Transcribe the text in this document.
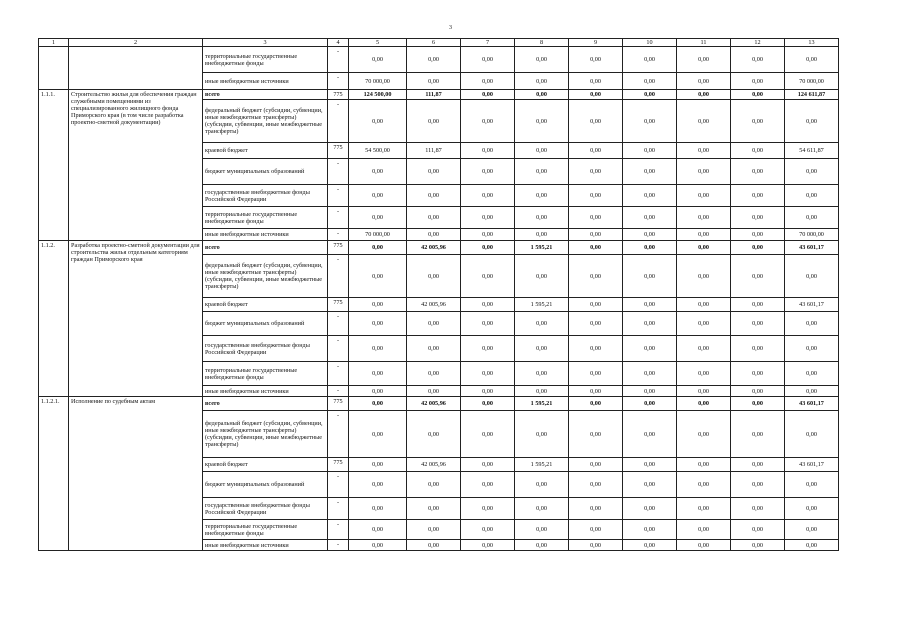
3
1	2	3	4	5	6	7	8	9	10	11	12	13
		территориальные государственные внебюджетные фонды	-	0,00	0,00	0,00	0,00	0,00	0,00	0,00	0,00	0,00
		иные внебюджетные источники	-	70 000,00	0,00	0,00	0,00	0,00	0,00	0,00	0,00	70 000,00
1.1.1.	Строительство жилья для обеспечения граждан служебными помещениями из специализированного жилищного фонда Приморского края (в том числе разработка проектно-сметной документации)	всего	775	124 500,00	111,87	0,00	0,00	0,00	0,00	0,00	0,00	124 611,87
		федеральный бюджет (субсидии, субвенции, иные межбюджетные трансферты) (субсидии, субвенции, иные межбюджетные трансферты)	-	0,00	0,00	0,00	0,00	0,00	0,00	0,00	0,00	0,00
		краевой бюджет	775	54 500,00	111,87	0,00	0,00	0,00	0,00	0,00	0,00	54 611,87
		бюджет муниципальных образований	-	0,00	0,00	0,00	0,00	0,00	0,00	0,00	0,00	0,00
		государственные внебюджетные фонды Российской Федерации	-	0,00	0,00	0,00	0,00	0,00	0,00	0,00	0,00	0,00
		территориальные государственные внебюджетные фонды	-	0,00	0,00	0,00	0,00	0,00	0,00	0,00	0,00	0,00
		иные внебюджетные источники	-	70 000,00	0,00	0,00	0,00	0,00	0,00	0,00	0,00	70 000,00
1.1.2.	Разработка проектно-сметной документации для строительства жилья отдельным категориям граждан Приморского края	всего	775	0,00	42 005,96	0,00	1 595,21	0,00	0,00	0,00	0,00	43 601,17
		федеральный бюджет (субсидии, субвенции, иные межбюджетные трансферты) (субсидии, субвенции, иные межбюджетные трансферты)	-	0,00	0,00	0,00	0,00	0,00	0,00	0,00	0,00	0,00
		краевой бюджет	775	0,00	42 005,96	0,00	1 595,21	0,00	0,00	0,00	0,00	43 601,17
		бюджет муниципальных образований	-	0,00	0,00	0,00	0,00	0,00	0,00	0,00	0,00	0,00
		государственные внебюджетные фонды Российской Федерации	-	0,00	0,00	0,00	0,00	0,00	0,00	0,00	0,00	0,00
		территориальные государственные внебюджетные фонды	-	0,00	0,00	0,00	0,00	0,00	0,00	0,00	0,00	0,00
		иные внебюджетные источники	-	0,00	0,00	0,00	0,00	0,00	0,00	0,00	0,00	0,00
1.1.2.1.	Исполнение по судебным актам	всего	775	0,00	42 005,96	0,00	1 595,21	0,00	0,00	0,00	0,00	43 601,17
		федеральный бюджет (субсидии, субвенции, иные межбюджетные трансферты) (субсидии, субвенции, иные межбюджетные трансферты)	-	0,00	0,00	0,00	0,00	0,00	0,00	0,00	0,00	0,00
		краевой бюджет	775	0,00	42 005,96	0,00	1 595,21	0,00	0,00	0,00	0,00	43 601,17
		бюджет муниципальных образований	-	0,00	0,00	0,00	0,00	0,00	0,00	0,00	0,00	0,00
		государственные внебюджетные фонды Российской Федерации	-	0,00	0,00	0,00	0,00	0,00	0,00	0,00	0,00	0,00
		территориальные государственные внебюджетные фонды	-	0,00	0,00	0,00	0,00	0,00	0,00	0,00	0,00	0,00
		иные внебюджетные источники	-	0,00	0,00	0,00	0,00	0,00	0,00	0,00	0,00	0,00
